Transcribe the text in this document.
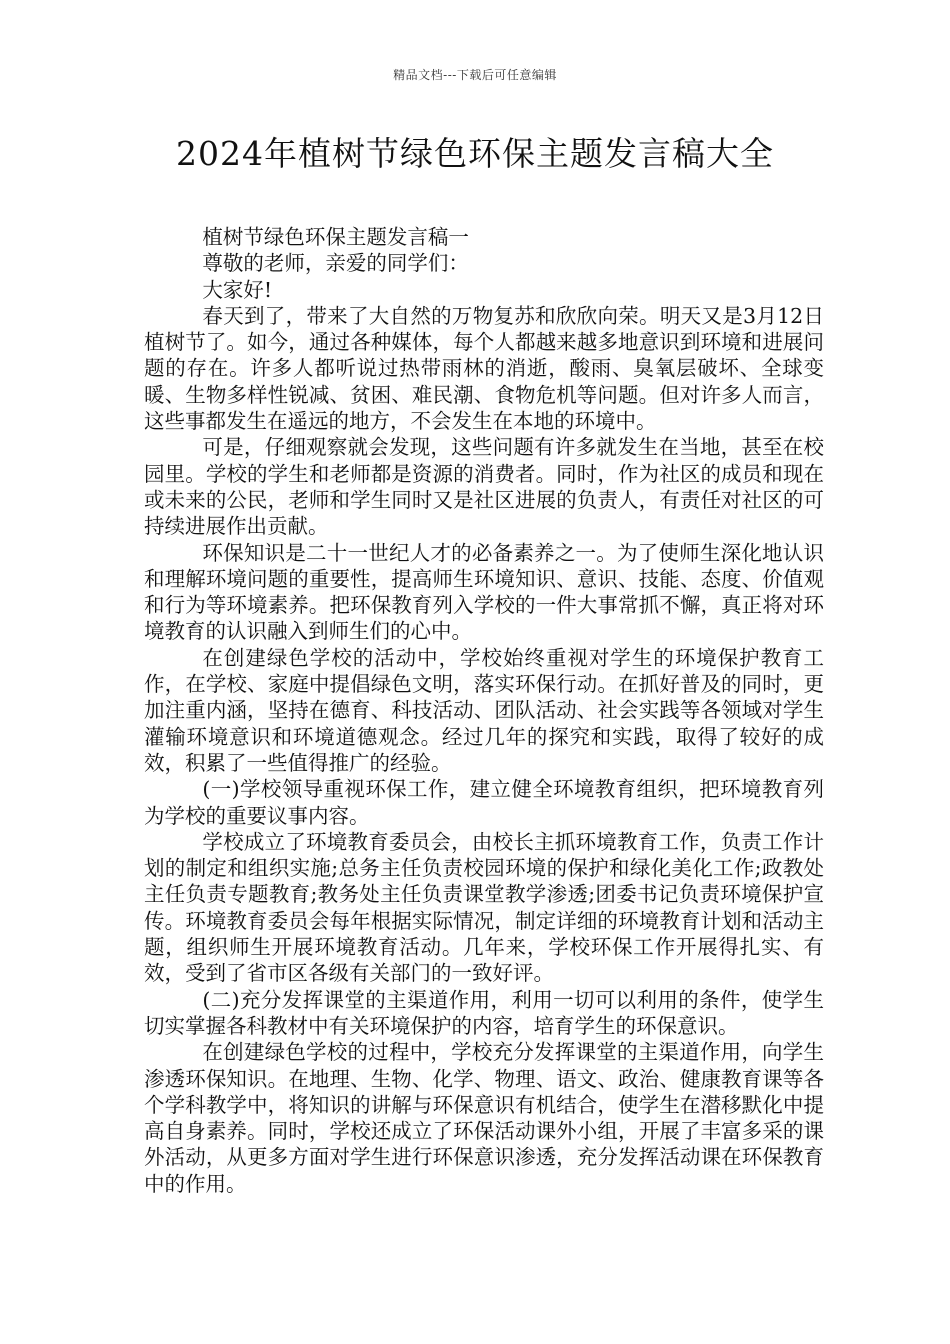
精品文档---下载后可任意编辑
2024年植树节绿色环保主题发言稿大全

植树节绿色环保主题发言稿一

尊敬的老师，亲爱的同学们：

大家好!

春天到了，带来了大自然的万物复苏和欣欣向荣。明天又是3月12日植树节了。如今，通过各种媒体，每个人都越来越多地意识到环境和进展问题的存在。许多人都听说过热带雨林的消逝，酸雨、臭氧层破坏、全球变暖、生物多样性锐减、贫困、难民潮、食物危机等问题。但对许多人而言，这些事都发生在遥远的地方，不会发生在本地的环境中。

可是，仔细观察就会发现，这些问题有许多就发生在当地，甚至在校园里。学校的学生和老师都是资源的消费者。同时，作为社区的成员和现在或未来的公民，老师和学生同时又是社区进展的负责人，有责任对社区的可持续进展作出贡献。

环保知识是二十一世纪人才的必备素养之一。为了使师生深化地认识和理解环境问题的重要性，提高师生环境知识、意识、技能、态度、价值观和行为等环境素养。把环保教育列入学校的一件大事常抓不懈，真正将对环境教育的认识融入到师生们的心中。

在创建绿色学校的活动中，学校始终重视对学生的环境保护教育工作，在学校、家庭中提倡绿色文明，落实环保行动。在抓好普及的同时，更加注重内涵，坚持在德育、科技活动、团队活动、社会实践等各领域对学生灌输环境意识和环境道德观念。经过几年的探究和实践，取得了较好的成效，积累了一些值得推广的经验。

(一)学校领导重视环保工作，建立健全环境教育组织，把环境教育列为学校的重要议事内容。

学校成立了环境教育委员会，由校长主抓环境教育工作，负责工作计划的制定和组织实施;总务主任负责校园环境的保护和绿化美化工作;政教处主任负责专题教育;教务处主任负责课堂教学渗透;团委书记负责环境保护宣传。环境教育委员会每年根据实际情况，制定详细的环境教育计划和活动主题，组织师生开展环境教育活动。几年来，学校环保工作开展得扎实、有效，受到了省市区各级有关部门的一致好评。

(二)充分发挥课堂的主渠道作用，利用一切可以利用的条件，使学生切实掌握各科教材中有关环境保护的内容，培育学生的环保意识。

在创建绿色学校的过程中，学校充分发挥课堂的主渠道作用，向学生渗透环保知识。在地理、生物、化学、物理、语文、政治、健康教育课等各个学科教学中，将知识的讲解与环保意识有机结合，使学生在潜移默化中提高自身素养。同时，学校还成立了环保活动课外小组，开展了丰富多采的课外活动，从更多方面对学生进行环保意识渗透，充分发挥活动课在环保教育中的作用。
